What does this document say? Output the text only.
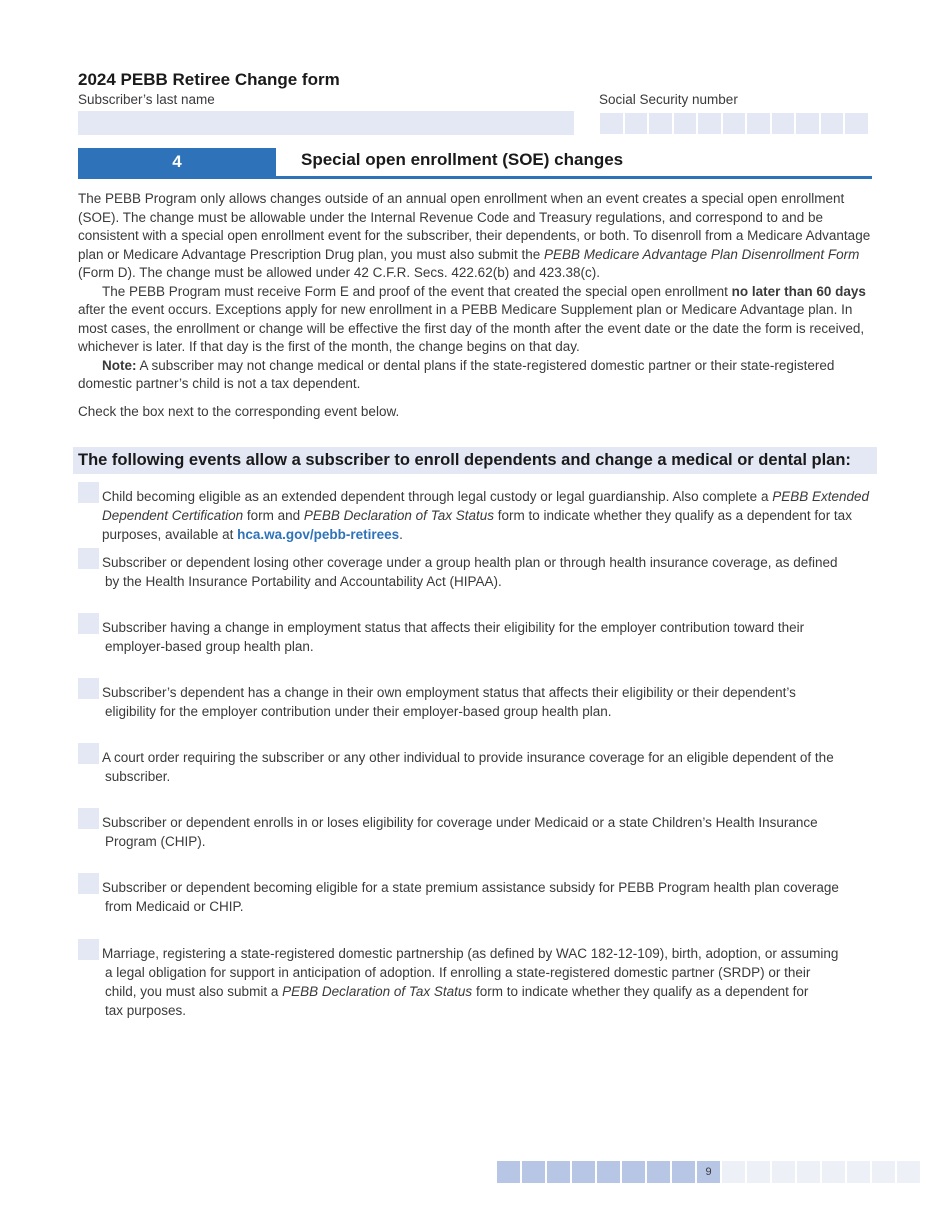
2024 PEBB Retiree Change form
Subscriber’s last name	Social Security number
4	Special open enrollment (SOE) changes

The PEBB Program only allows changes outside of an annual open enrollment when an event creates a special open enrollment (SOE). The change must be allowable under the Internal Revenue Code and Treasury regulations, and correspond to and be consistent with a special open enrollment event for the subscriber, their dependents, or both. To disenroll from a Medicare Advantage plan or Medicare Advantage Prescription Drug plan, you must also submit the PEBB Medicare Advantage Plan Disenrollment Form (Form D). The change must be allowed under 42 C.F.R. Secs. 422.62(b) and 423.38(c).

The PEBB Program must receive Form E and proof of the event that created the special open enrollment no later than 60 days after the event occurs. Exceptions apply for new enrollment in a PEBB Medicare Supplement plan or Medicare Advantage plan. In most cases, the enrollment or change will be effective the first day of the month after the event date or the date the form is received, whichever is later. If that day is the first of the month, the change begins on that day.

Note: A subscriber may not change medical or dental plans if the state-registered domestic partner or their state-registered domestic partner’s child is not a tax dependent.

Check the box next to the corresponding event below.

The following events allow a subscriber to enroll dependents and change a medical or dental plan:
Child becoming eligible as an extended dependent through legal custody or legal guardianship. Also complete a PEBB Extended Dependent Certification form and PEBB Declaration of Tax Status form to indicate whether they qualify as a dependent for tax purposes, available at hca.wa.gov/pebb-retirees.
Subscriber or dependent losing other coverage under a group health plan or through health insurance coverage, as defined
by the Health Insurance Portability and Accountability Act (HIPAA).
Subscriber having a change in employment status that affects their eligibility for the employer contribution toward their
employer-based group health plan.
Subscriber’s dependent has a change in their own employment status that affects their eligibility or their dependent’s
eligibility for the employer contribution under their employer-based group health plan.
A court order requiring the subscriber or any other individual to provide insurance coverage for an eligible dependent of the
subscriber.
Subscriber or dependent enrolls in or loses eligibility for coverage under Medicaid or a state Children’s Health Insurance
Program (CHIP).
Subscriber or dependent becoming eligible for a state premium assistance subsidy for PEBB Program health plan coverage
from Medicaid or CHIP.
Marriage, registering a state-registered domestic partnership (as defined by WAC 182-12-109), birth, adoption, or assuming
a legal obligation for support in anticipation of adoption. If enrolling a state-registered domestic partner (SRDP) or their
child, you must also submit a PEBB Declaration of Tax Status form to indicate whether they qualify as a dependent for
tax purposes.
9
